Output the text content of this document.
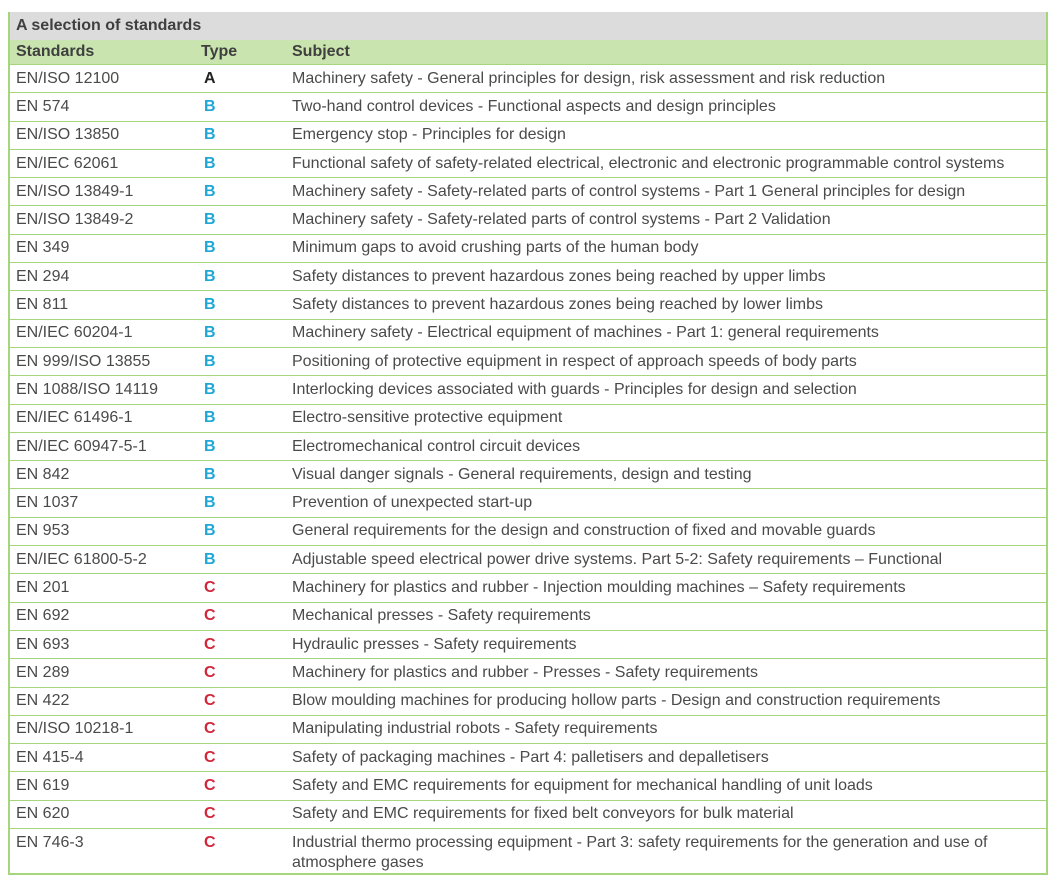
A selection of standards
Standards	Type	Subject
EN/ISO 12100	A	Machinery safety - General principles for design, risk assessment and risk reduction
EN 574	B	Two-hand control devices - Functional aspects and design principles
EN/ISO 13850	B	Emergency stop - Principles for design
EN/IEC 62061	B	Functional safety of safety-related electrical, electronic and electronic programmable control systems
EN/ISO 13849-1	B	Machinery safety - Safety-related parts of control systems - Part 1 General principles for design
EN/ISO 13849-2	B	Machinery safety - Safety-related parts of control systems - Part 2 Validation
EN 349	B	Minimum gaps to avoid crushing parts of the human body
EN 294	B	Safety distances to prevent hazardous zones being reached by upper limbs
EN 811	B	Safety distances to prevent hazardous zones being reached by lower limbs
EN/IEC 60204-1	B	Machinery safety - Electrical equipment of machines - Part 1: general requirements
EN 999/ISO 13855	B	Positioning of protective equipment in respect of approach speeds of body parts
EN 1088/ISO 14119	B	Interlocking devices associated with guards - Principles for design and selection
EN/IEC 61496-1	B	Electro-sensitive protective equipment
EN/IEC 60947-5-1	B	Electromechanical control circuit devices
EN 842	B	Visual danger signals - General requirements, design and testing
EN 1037	B	Prevention of unexpected start-up
EN 953	B	General requirements for the design and construction of fixed and movable guards
EN/IEC 61800-5-2	B	Adjustable speed electrical power drive systems. Part 5-2: Safety requirements – Functional
EN 201	C	Machinery for plastics and rubber - Injection moulding machines – Safety requirements
EN 692	C	Mechanical presses - Safety requirements
EN 693	C	Hydraulic presses - Safety requirements
EN 289	C	Machinery for plastics and rubber - Presses - Safety requirements
EN 422	C	Blow moulding machines for producing hollow parts - Design and construction requirements
EN/ISO 10218-1	C	Manipulating industrial robots - Safety requirements
EN 415-4	C	Safety of packaging machines - Part 4: palletisers and depalletisers
EN 619	C	Safety and EMC requirements for equipment for mechanical handling of unit loads
EN 620	C	Safety and EMC requirements for fixed belt conveyors for bulk material
EN 746-3	C	Industrial thermo processing equipment - Part 3: safety requirements for the generation and use of atmosphere gases
